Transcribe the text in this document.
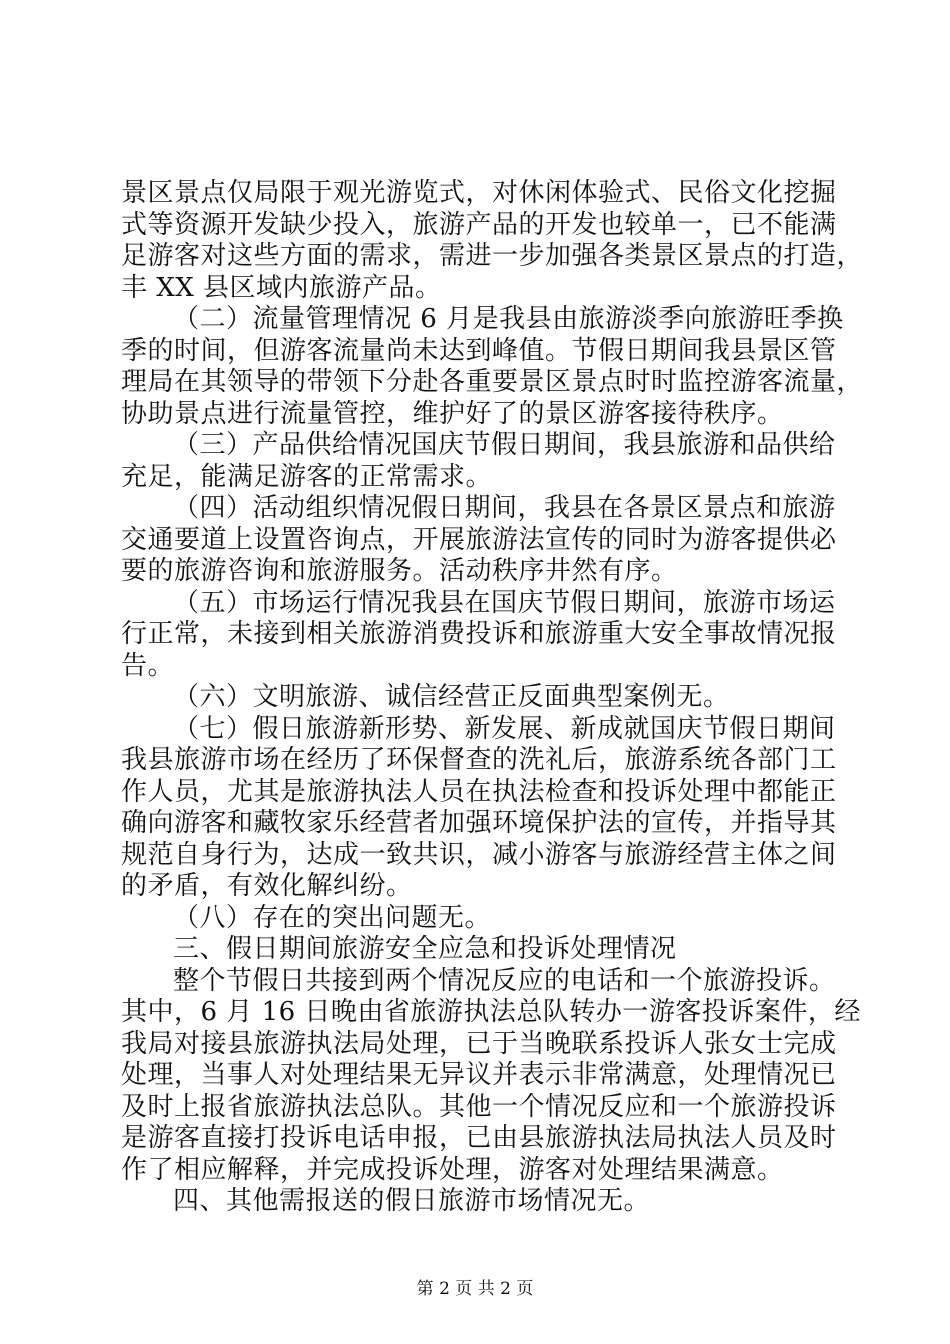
景区景点仅局限于观光游览式，对休闲体验式、民俗文化挖掘
式等资源开发缺少投入，旅游产品的开发也较单一，已不能满
足游客对这些方面的需求，需进一步加强各类景区景点的打造，
丰 XX 县区域内旅游产品。
（二）流量管理情况 6 月是我县由旅游淡季向旅游旺季换
季的时间，但游客流量尚未达到峰值。节假日期间我县景区管
理局在其领导的带领下分赴各重要景区景点时时监控游客流量，
协助景点进行流量管控，维护好了的景区游客接待秩序。
（三）产品供给情况国庆节假日期间，我县旅游和品供给
充足，能满足游客的正常需求。
（四）活动组织情况假日期间，我县在各景区景点和旅游
交通要道上设置咨询点，开展旅游法宣传的同时为游客提供必
要的旅游咨询和旅游服务。活动秩序井然有序。
（五）市场运行情况我县在国庆节假日期间，旅游市场运
行正常，未接到相关旅游消费投诉和旅游重大安全事故情况报
告。
（六）文明旅游、诚信经营正反面典型案例无。
（七）假日旅游新形势、新发展、新成就国庆节假日期间
我县旅游市场在经历了环保督查的洗礼后，旅游系统各部门工
作人员，尤其是旅游执法人员在执法检查和投诉处理中都能正
确向游客和藏牧家乐经营者加强环境保护法的宣传，并指导其
规范自身行为，达成一致共识，减小游客与旅游经营主体之间
的矛盾，有效化解纠纷。
（八）存在的突出问题无。
三、假日期间旅游安全应急和投诉处理情况
整个节假日共接到两个情况反应的电话和一个旅游投诉。
其中，6 月 16 日晚由省旅游执法总队转办一游客投诉案件，经
我局对接县旅游执法局处理，已于当晚联系投诉人张女士完成
处理，当事人对处理结果无异议并表示非常满意，处理情况已
及时上报省旅游执法总队。其他一个情况反应和一个旅游投诉
是游客直接打投诉电话申报，已由县旅游执法局执法人员及时
作了相应解释，并完成投诉处理，游客对处理结果满意。
四、其他需报送的假日旅游市场情况无。
第 2 页 共 2 页
